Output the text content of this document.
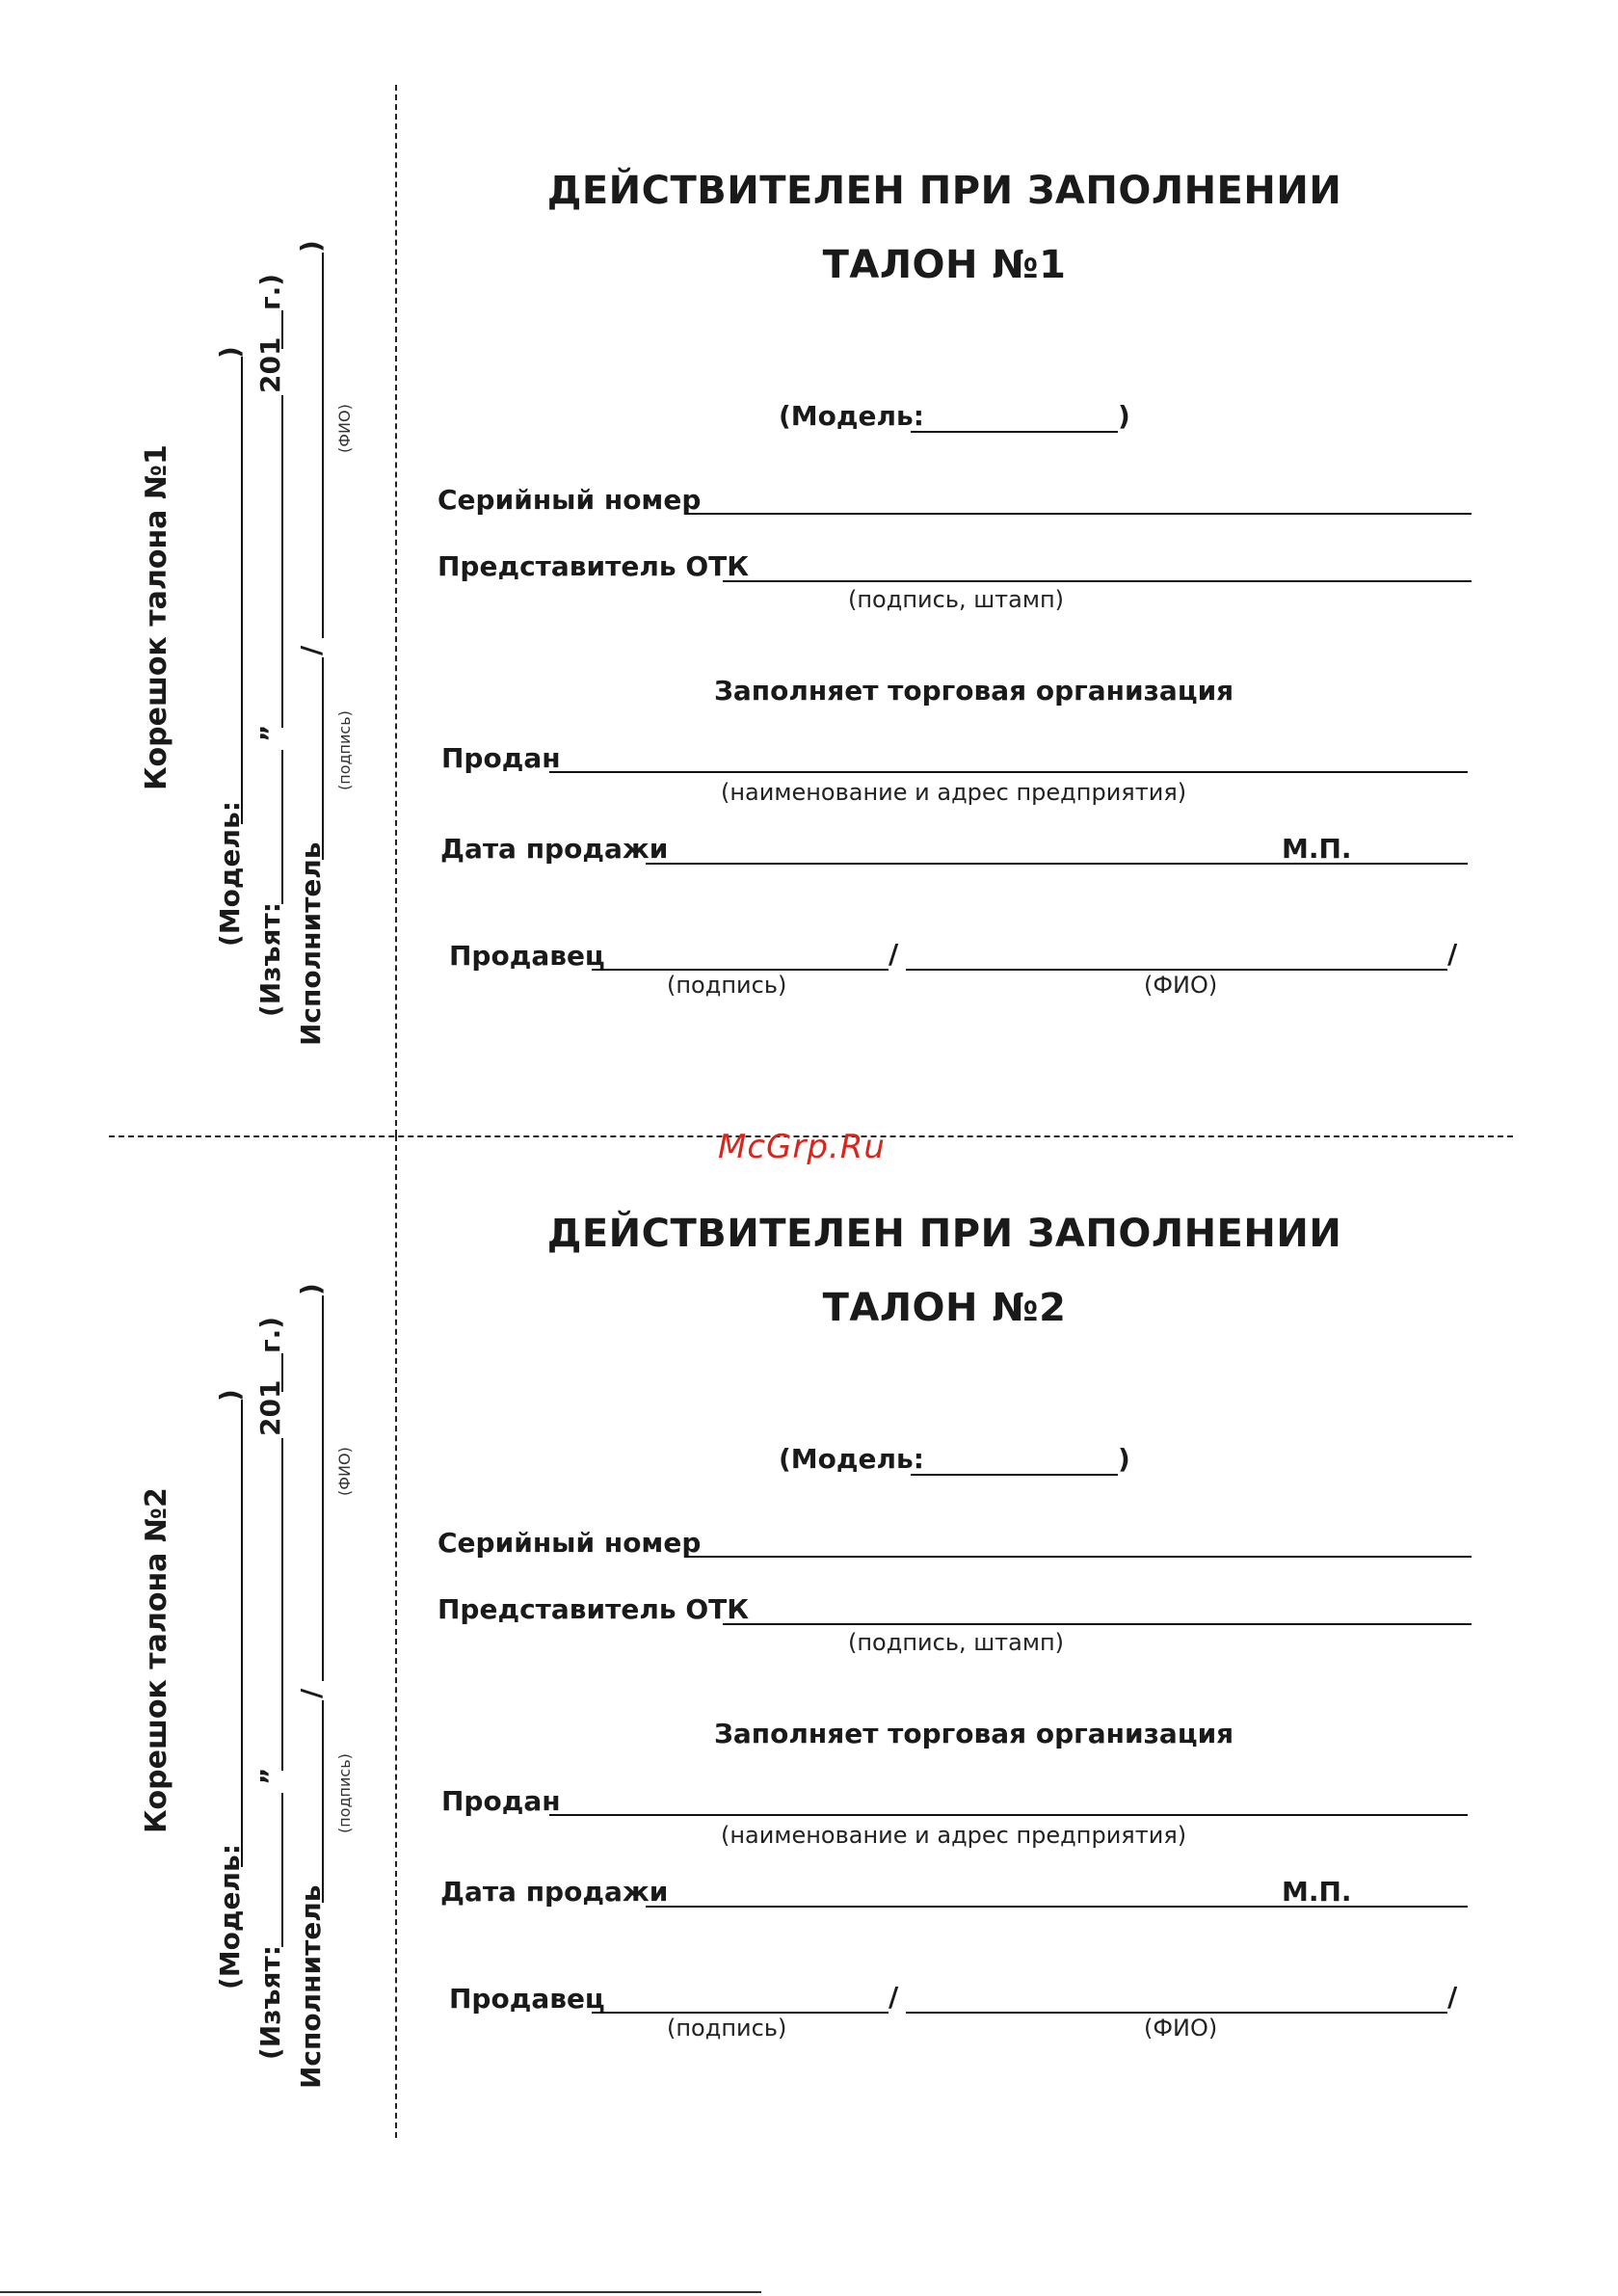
McGrp.Ru
Корешок талона №1
(Модель:
)
(Изъят:
”
201
г.)
Исполнитель
/
)
(подпись)
(ФИО)
ДЕЙСТВИТЕЛЕН ПРИ ЗАПОЛНЕНИИ
ТАЛОН №1
(Модель:	)
Серийный номер
Представитель ОТК
(подпись, штамп)
Заполняет торговая организация
Продан
(наименование и адрес предприятия)
Дата продажи	М.П.
Продавец	/	/
(подпись)	(ФИО)
Корешок талона №2
(Модель:
)
(Изъят:
”
201
г.)
Исполнитель
/
)
(подпись)
(ФИО)
ДЕЙСТВИТЕЛЕН ПРИ ЗАПОЛНЕНИИ
ТАЛОН №2
(Модель:	)
Серийный номер
Представитель ОТК
(подпись, штамп)
Заполняет торговая организация
Продан
(наименование и адрес предприятия)
Дата продажи	М.П.
Продавец	/	/
(подпись)	(ФИО)
